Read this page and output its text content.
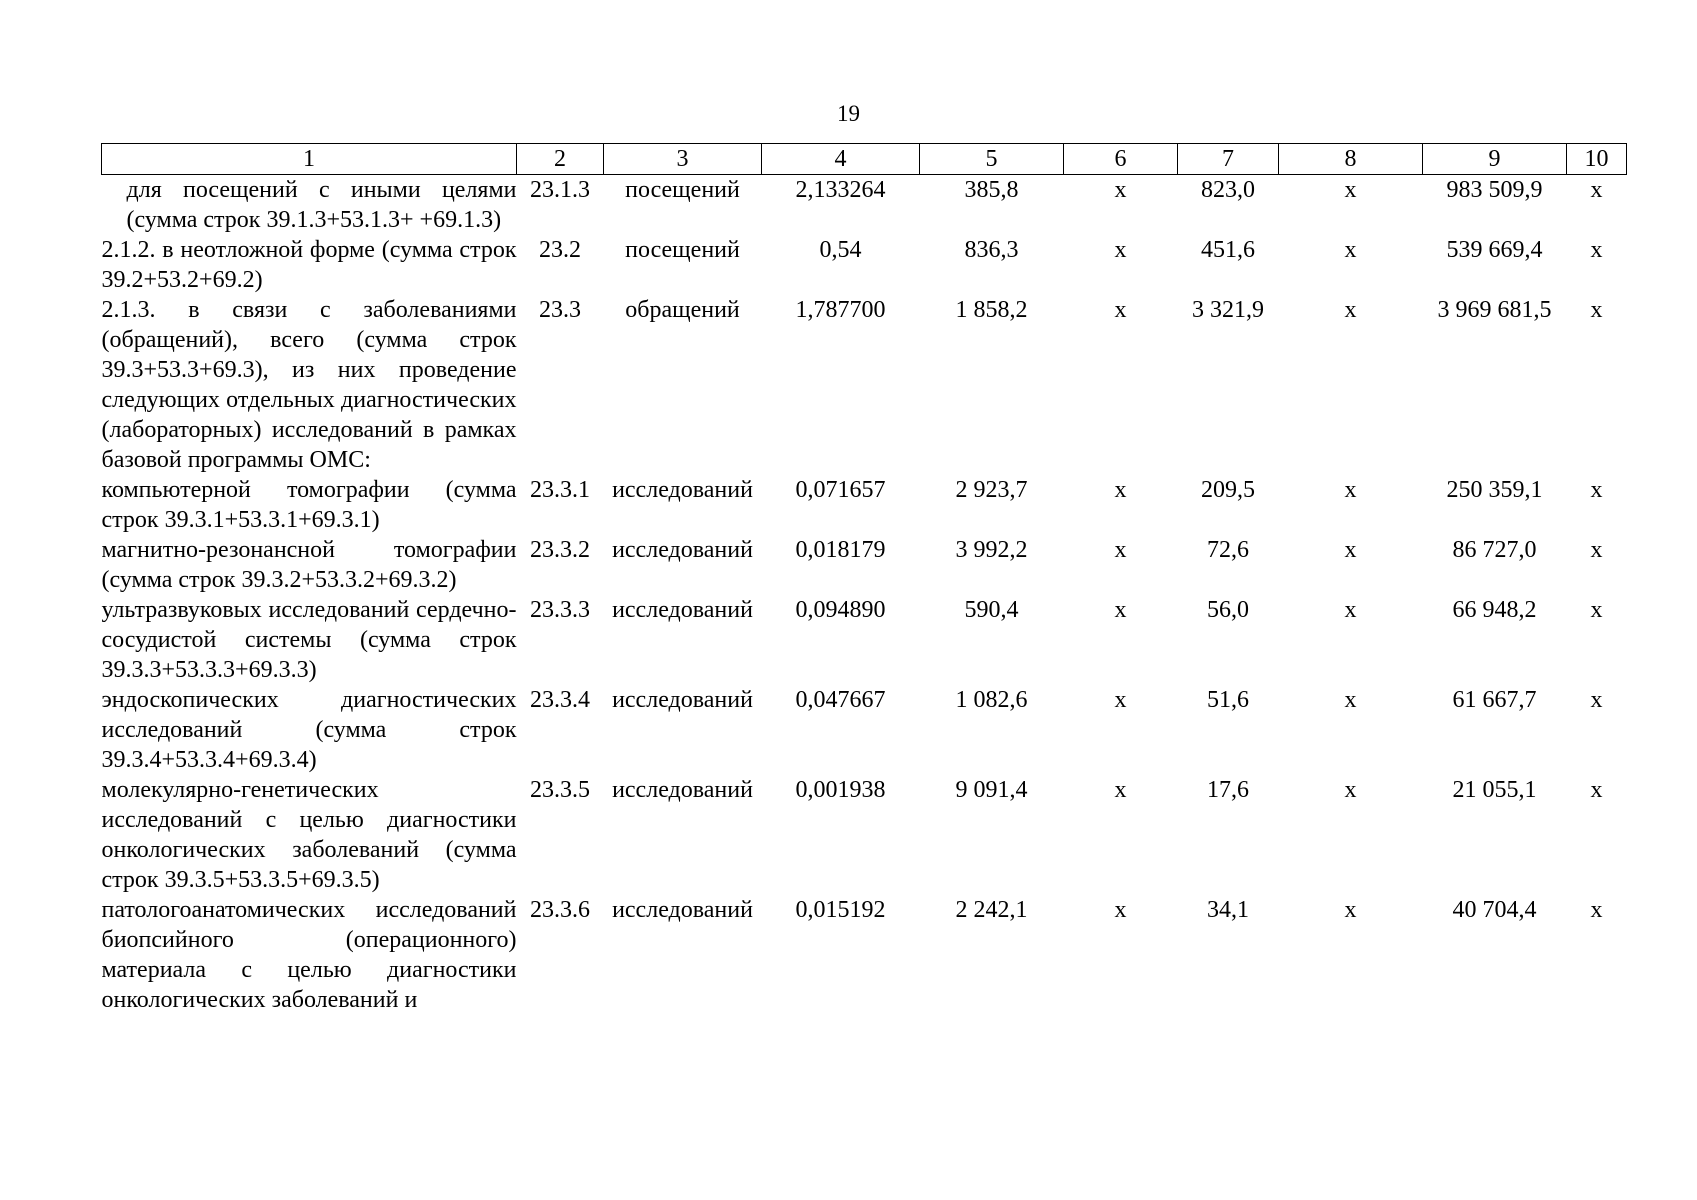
19
1	2	3	4	5	6	7	8	9	10
для посещений с иными целями (сумма строк 39.1.3+53.1.3+ +69.1.3)	23.1.3	посещений	2,133264	385,8	х	823,0	х	983 509,9	х
2.1.2. в неотложной форме (сумма строк 39.2+53.2+69.2)	23.2	посещений	0,54	836,3	х	451,6	х	539 669,4	х
2.1.3. в связи с заболеваниями (обращений), всего (сумма строк 39.3+53.3+69.3), из них проведение следующих отдельных диагностических (лабораторных) исследований в рамках базовой программы ОМС:	23.3	обращений	1,787700	1 858,2	х	3 321,9	х	3 969 681,5	х
компьютерной томографии (сумма строк 39.3.1+53.3.1+69.3.1)	23.3.1	исследований	0,071657	2 923,7	х	209,5	х	250 359,1	х
магнитно-резонансной томографии (сумма строк 39.3.2+53.3.2+69.3.2)	23.3.2	исследований	0,018179	3 992,2	х	72,6	х	86 727,0	х
ультразвуковых исследований сердечно-сосудистой системы (сумма строк 39.3.3+53.3.3+69.3.3)	23.3.3	исследований	0,094890	590,4	х	56,0	х	66 948,2	х
эндоскопических диагностических исследований (сумма строк 39.3.4+53.3.4+69.3.4)	23.3.4	исследований	0,047667	1 082,6	х	51,6	х	61 667,7	х
молекулярно-генетических исследований с целью диагностики онкологических заболеваний (сумма строк 39.3.5+53.3.5+69.3.5)	23.3.5	исследований	0,001938	9 091,4	х	17,6	х	21 055,1	х
патологоанатомических исследований биопсийного (операционного) материала с целью диагностики онкологических заболеваний и	23.3.6	исследований	0,015192	2 242,1	х	34,1	х	40 704,4	х
